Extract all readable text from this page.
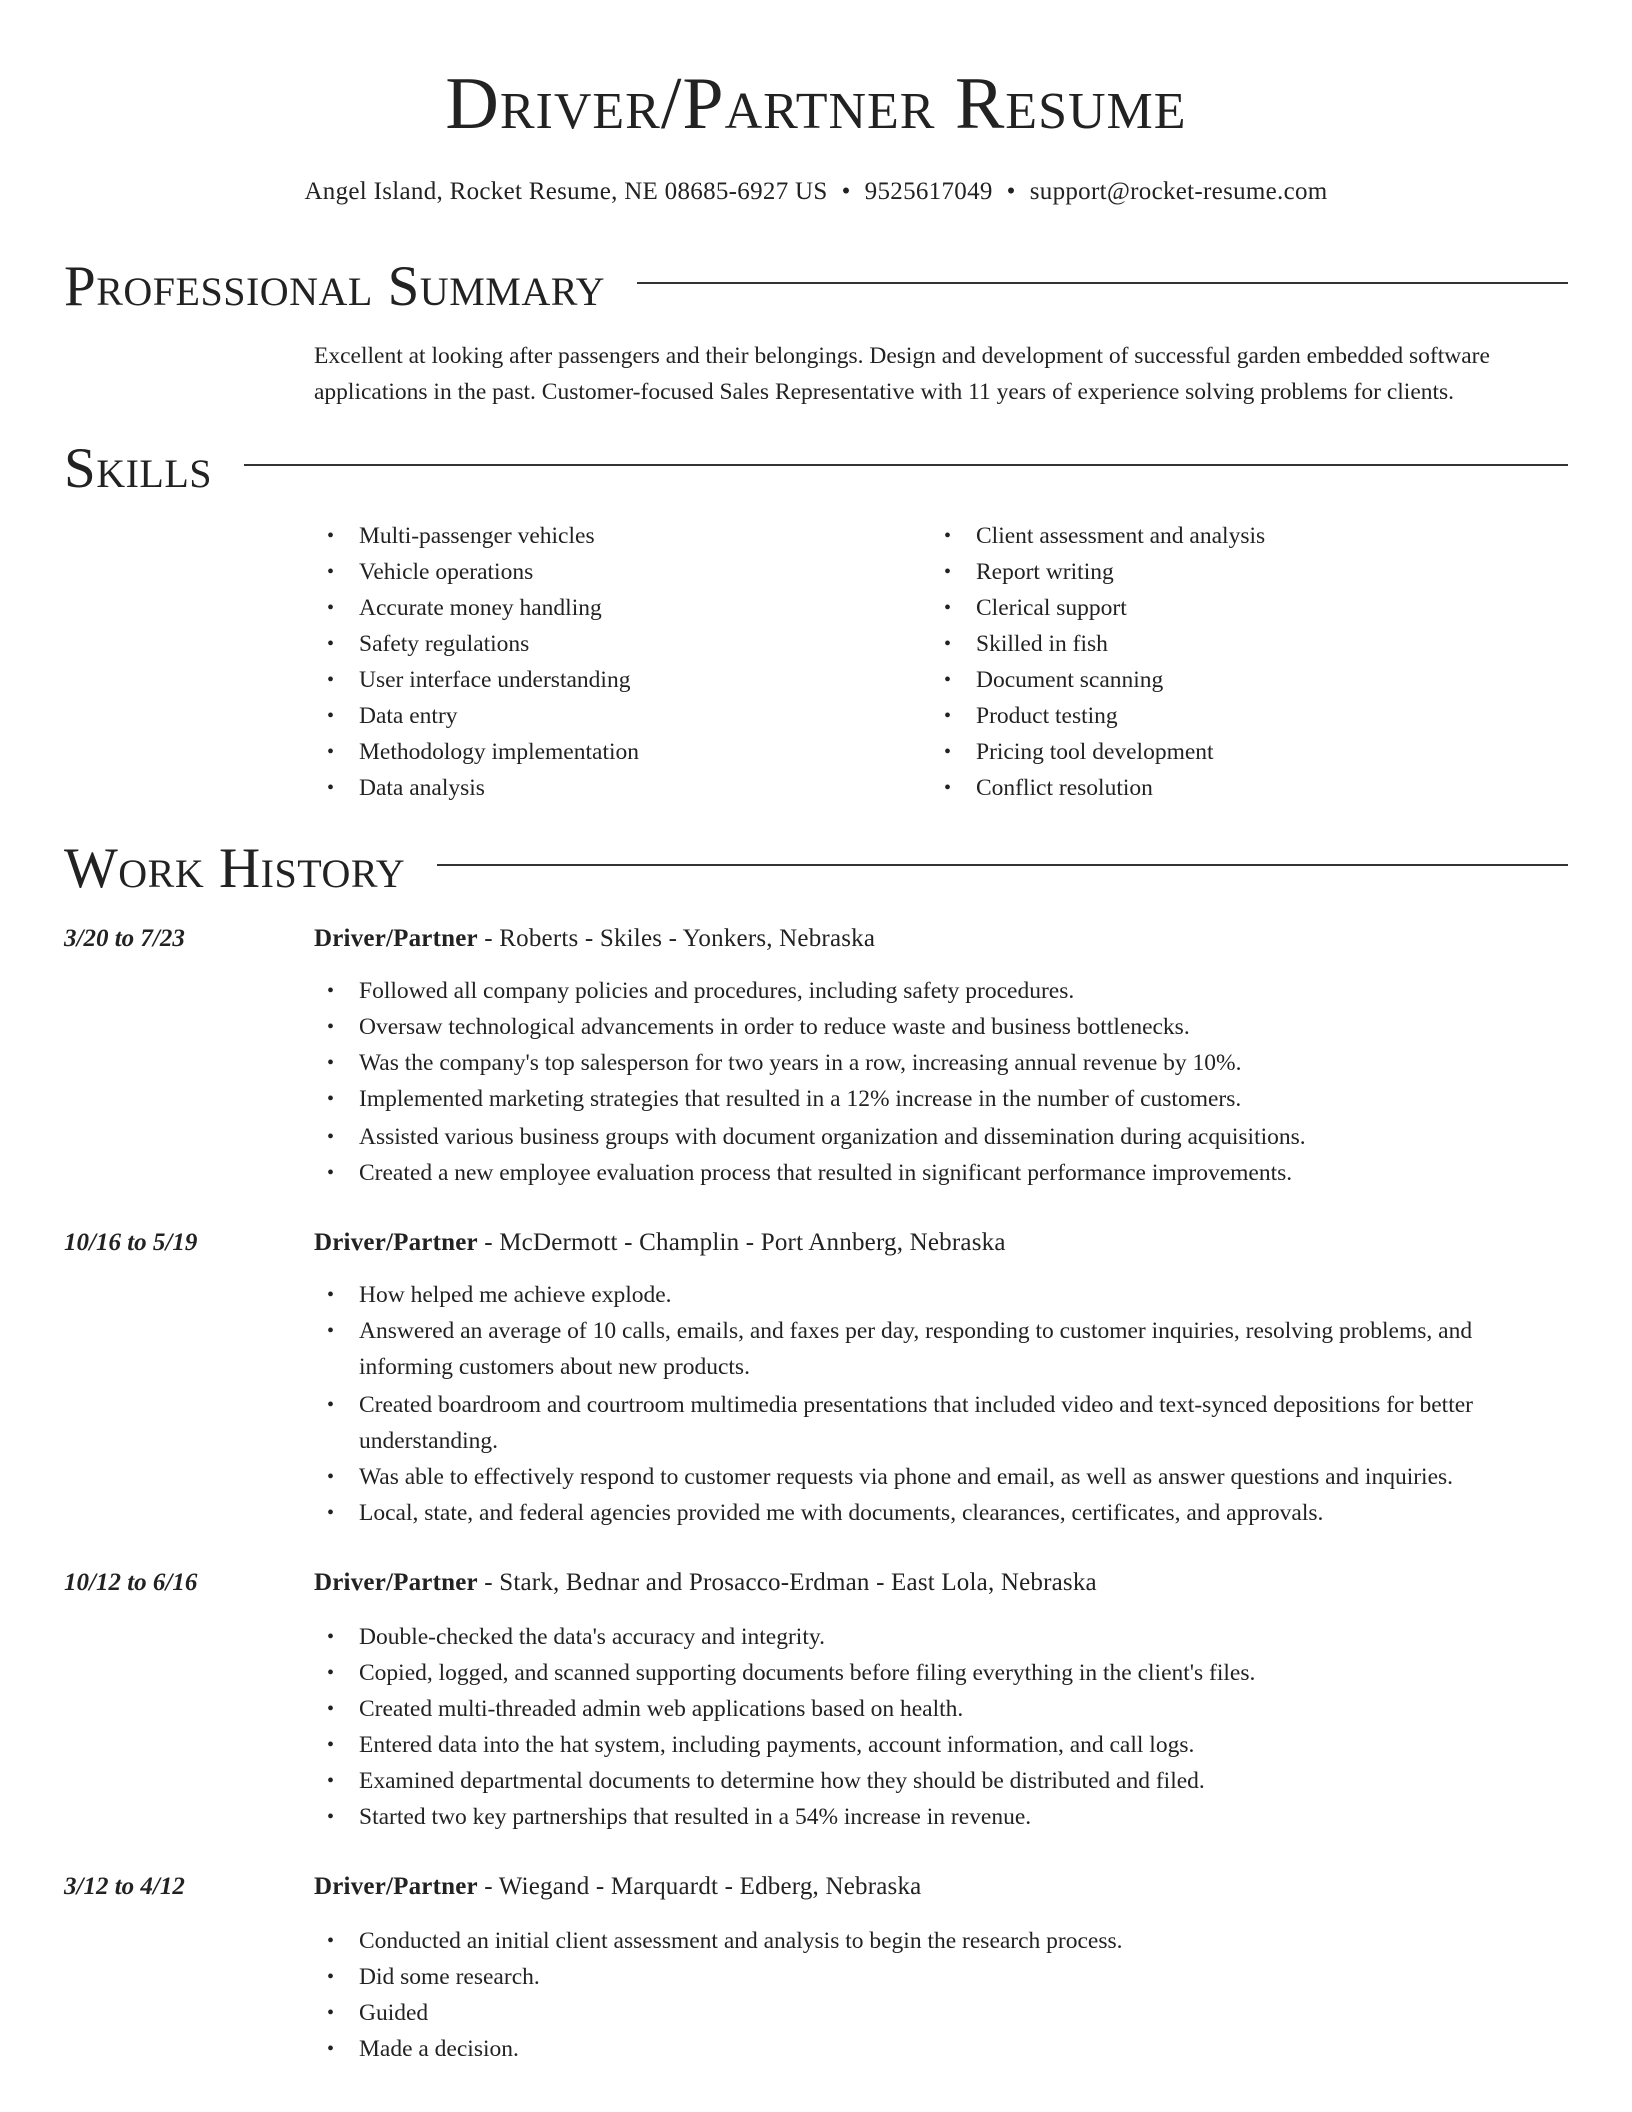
Driver/Partner Resume
Angel Island, Rocket Resume, NE 08685-6927 US • 9525617049 • support@rocket-resume.com
Professional Summary

Excellent at looking after passengers and their belongings. Design and development of successful garden embedded software applications in the past. Customer-focused Sales Representative with 11 years of experience solving problems for clients.

Skills
• Multi-passenger vehicles
• Vehicle operations
• Accurate money handling
• Safety regulations
• User interface understanding
• Data entry
• Methodology implementation
• Data analysis
• Client assessment and analysis
• Report writing
• Clerical support
• Skilled in fish
• Document scanning
• Product testing
• Pricing tool development
• Conflict resolution
Work History
3/20 to 7/23	Driver/Partner - Roberts - Skiles - Yonkers, Nebraska
• Followed all company policies and procedures, including safety procedures.
• Oversaw technological advancements in order to reduce waste and business bottlenecks.
• Was the company's top salesperson for two years in a row, increasing annual revenue by 10%.
• Implemented marketing strategies that resulted in a 12% increase in the number of customers.
• Assisted various business groups with document organization and dissemination during acquisitions.
• Created a new employee evaluation process that resulted in significant performance improvements.
10/16 to 5/19	Driver/Partner - McDermott - Champlin - Port Annberg, Nebraska
• How helped me achieve explode.
• Answered an average of 10 calls, emails, and faxes per day, responding to customer inquiries, resolving problems, and informing customers about new products.
• Created boardroom and courtroom multimedia presentations that included video and text-synced depositions for better understanding.
• Was able to effectively respond to customer requests via phone and email, as well as answer questions and inquiries.
• Local, state, and federal agencies provided me with documents, clearances, certificates, and approvals.
10/12 to 6/16	Driver/Partner - Stark, Bednar and Prosacco-Erdman - East Lola, Nebraska
• Double-checked the data's accuracy and integrity.
• Copied, logged, and scanned supporting documents before filing everything in the client's files.
• Created multi-threaded admin web applications based on health.
• Entered data into the hat system, including payments, account information, and call logs.
• Examined departmental documents to determine how they should be distributed and filed.
• Started two key partnerships that resulted in a 54% increase in revenue.
3/12 to 4/12	Driver/Partner - Wiegand - Marquardt - Edberg, Nebraska
• Conducted an initial client assessment and analysis to begin the research process.
• Did some research.
• Guided
• Made a decision.
